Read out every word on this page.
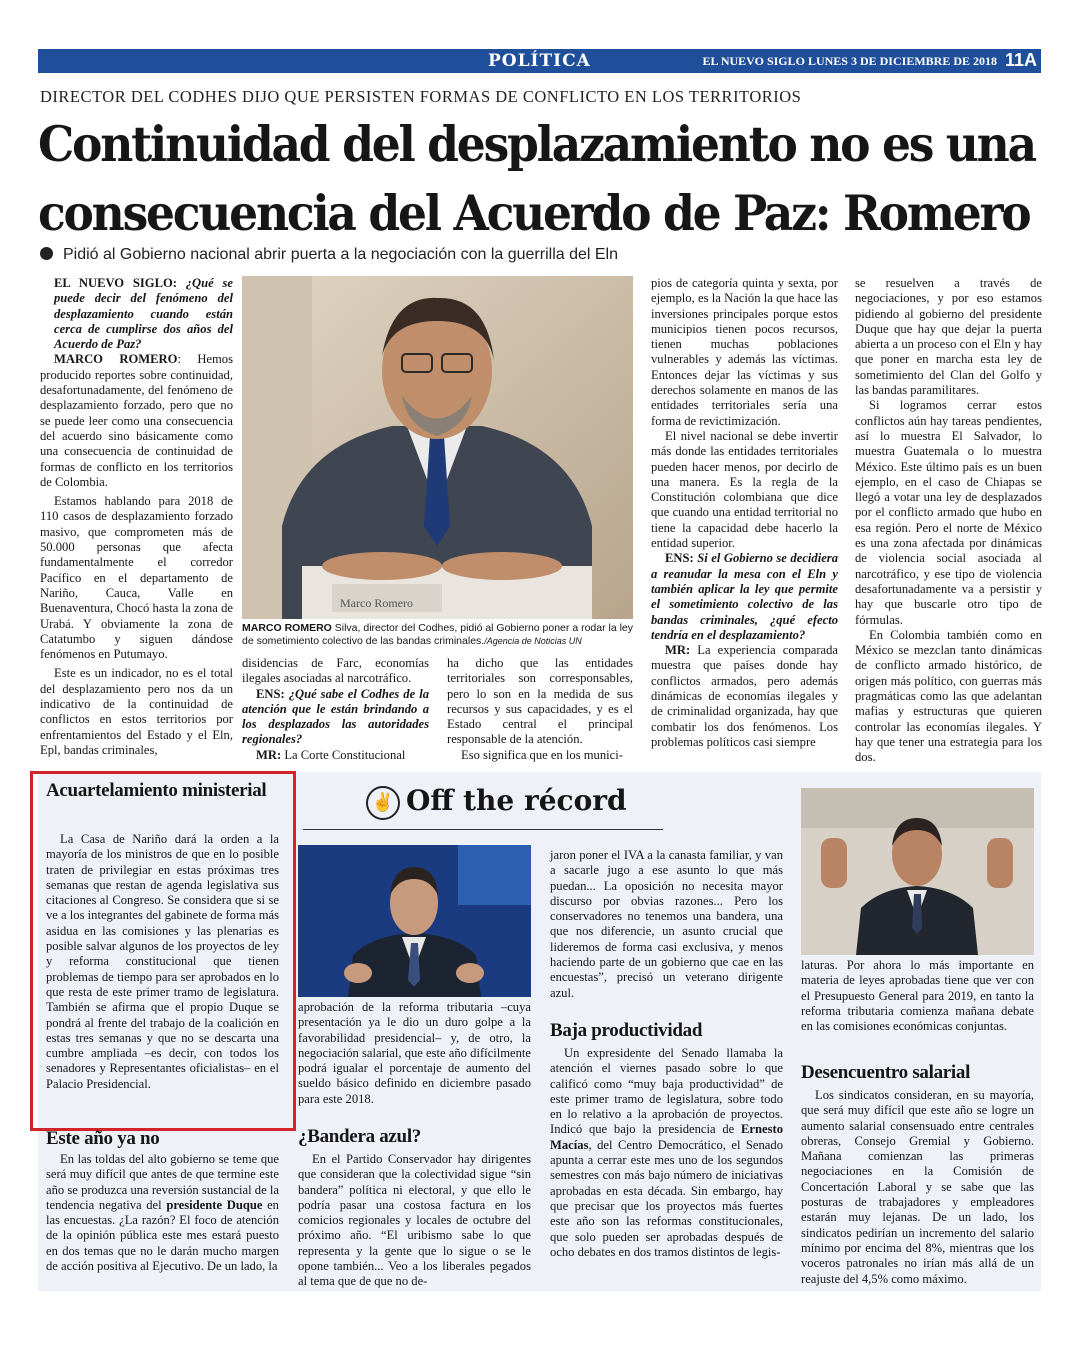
POLÍTICA	EL NUEVO SIGLO LUNES 3 DE DICIEMBRE DE 2018 11A
DIRECTOR DEL CODHES DIJO QUE PERSISTEN FORMAS DE CONFLICTO EN LOS TERRITORIOS
Continuidad del desplazamiento no es una
consecuencia del Acuerdo de Paz: Romero
Pidió al Gobierno nacional abrir puerta a la negociación con la guerrilla del Eln

EL NUEVO SIGLO: ¿Qué se puede decir del fenómeno del desplazamiento cuando están cerca de cumplirse dos años del Acuerdo de Paz?

MARCO ROMERO: Hemos producido reportes sobre continuidad, desafortunadamente, del fenómeno de desplazamiento forzado, pero que no se puede leer como una consecuencia del acuerdo sino básicamente como una consecuencia de continuidad de formas de conflicto en los territorios de Colombia.

Estamos hablando para 2018 de 110 casos de desplazamiento forzado masivo, que comprometen más de 50.000 personas que afecta fundamentalmente el corredor Pacífico en el departamento de Nariño, Cauca, Valle en Buenaventura, Chocó hasta la zona de Urabá. Y obviamente la zona de Catatumbo y siguen dándose fenómenos en Putumayo.

Este es un indicador, no es el total del desplazamiento pero nos da un indicativo de la continuidad de conflictos en estos territorios por enfrentamientos del Estado y el Eln, Epl, bandas criminales,

Marco Romero
MARCO ROMERO Silva, director del Codhes, pidió al Gobierno poner a rodar la ley de sometimiento colectivo de las bandas criminales./Agencia de Noticias UN

disidencias de Farc, economías ilegales asociadas al narcotráfico.

ENS: ¿Qué sabe el Codhes de la atención que le están brindando a los desplazados las autoridades regionales?

MR: La Corte Constitucional

ha dicho que las entidades territoriales son corresponsables, pero lo son en la medida de sus recursos y sus capacidades, y es el Estado central el principal responsable de la atención.

Eso significa que en los munici-

pios de categoría quinta y sexta, por ejemplo, es la Nación la que hace las inversiones principales porque estos municipios tienen pocos recursos, tienen muchas poblaciones vulnerables y además las víctimas. Entonces dejar las víctimas y sus derechos solamente en manos de las entidades territoriales sería una forma de revictimización.

El nivel nacional se debe invertir más donde las entidades territoriales pueden hacer menos, por decirlo de una manera. Es la regla de la Constitución colombiana que dice que cuando una entidad territorial no tiene la capacidad debe hacerlo la entidad superior.

ENS: Si el Gobierno se decidiera a reanudar la mesa con el Eln y también aplicar la ley que permite el sometimiento colectivo de las bandas criminales, ¿qué efecto tendría en el desplazamiento?

MR: La experiencia comparada muestra que países donde hay conflictos armados, pero además dinámicas de economías ilegales y de criminalidad organizada, hay que combatir los dos fenómenos. Los problemas políticos casi siempre

se resuelven a través de negociaciones, y por eso estamos pidiendo al gobierno del presidente Duque que hay que dejar la puerta abierta a un proceso con el Eln y hay que poner en marcha esta ley de sometimiento del Clan del Golfo y las bandas paramilitares.

Si logramos cerrar estos conflictos aún hay tareas pendientes, así lo muestra El Salvador, lo muestra Guatemala o lo muestra México. Este último país es un buen ejemplo, en el caso de Chiapas se llegó a votar una ley de desplazados por el conflicto armado que hubo en esa región. Pero el norte de México es una zona afectada por dinámicas de violencia social asociada al narcotráfico, y ese tipo de violencia desafortunadamente va a persistir y hay que buscarle otro tipo de fórmulas.

En Colombia también como en México se mezclan tanto dinámicas de conflicto armado histórico, de origen más político, con guerras más pragmáticas como las que adelantan mafias y estructuras que quieren controlar las economías ilegales. Y hay que tener una estrategia para los dos.

✌ Off the récord
Acuartelamiento ministerial

La Casa de Nariño dará la orden a la mayoría de los ministros de que en lo posible traten de privilegiar en estas próximas tres semanas que restan de agenda legislativa sus citaciones al Congreso. Se considera que si se ve a los integrantes del gabinete de forma más asidua en las comisiones y las plenarias es posible salvar algunos de los proyectos de ley y reforma constitucional que tienen problemas de tiempo para ser aprobados en lo que resta de este primer tramo de legislatura. También se afirma que el propio Duque se pondrá al frente del trabajo de la coalición en estas tres semanas y que no se descarta una cumbre ampliada –es decir, con todos los senadores y Representantes oficialistas– en el Palacio Presidencial.

Este año ya no

En las toldas del alto gobierno se teme que será muy difícil que antes de que termine este año se produzca una reversión sustancial de la tendencia negativa del presidente Duque en las encuestas. ¿La razón? El foco de atención de la opinión pública este mes estará puesto en dos temas que no le darán mucho margen de acción positiva al Ejecutivo. De un lado, la

aprobación de la reforma tributaria –cuya presentación ya le dio un duro golpe a la favorabilidad presidencial– y, de otro, la negociación salarial, que este año difícilmente podrá igualar el porcentaje de aumento del sueldo básico definido en diciembre pasado para este 2018.

¿Bandera azul?

En el Partido Conservador hay dirigentes que consideran que la colectividad sigue “sin bandera” política ni electoral, y que ello le podría pasar una costosa factura en los comicios regionales y locales de octubre del próximo año. “El uribismo sabe lo que representa y la gente que lo sigue o se le opone también... Veo a los liberales pegados al tema que de que no de-

jaron poner el IVA a la canasta familiar, y van a sacarle jugo a ese asunto lo que más puedan... La oposición no necesita mayor discurso por obvias razones... Pero los conservadores no tenemos una bandera, una que nos diferencie, un asunto crucial que lideremos de forma casi exclusiva, y menos haciendo parte de un gobierno que cae en las encuestas”, precisó un veterano dirigente azul.

Baja productividad

Un expresidente del Senado llamaba la atención el viernes pasado sobre lo que calificó como “muy baja productividad” de este primer tramo de legislatura, sobre todo en lo relativo a la aprobación de proyectos. Indicó que bajo la presidencia de Ernesto Macías, del Centro Democrático, el Senado apunta a cerrar este mes uno de los segundos semestres con más bajo número de iniciativas aprobadas en esta década. Sin embargo, hay que precisar que los proyectos más fuertes este año son las reformas constitucionales, que solo pueden ser aprobadas después de ocho debates en dos tramos distintos de legis-

laturas. Por ahora lo más importante en materia de leyes aprobadas tiene que ver con el Presupuesto General para 2019, en tanto la reforma tributaria comienza mañana debate en las comisiones económicas conjuntas.

Desencuentro salarial

Los sindicatos consideran, en su mayoría, que será muy difícil que este año se logre un aumento salarial consensuado entre centrales obreras, Consejo Gremial y Gobierno. Mañana comienzan las primeras negociaciones en la Comisión de Concertación Laboral y se sabe que las posturas de trabajadores y empleadores estarán muy lejanas. De un lado, los sindicatos pedirían un incremento del salario mínimo por encima del 8%, mientras que los voceros patronales no irían más allá de un reajuste del 4,5% como máximo.
